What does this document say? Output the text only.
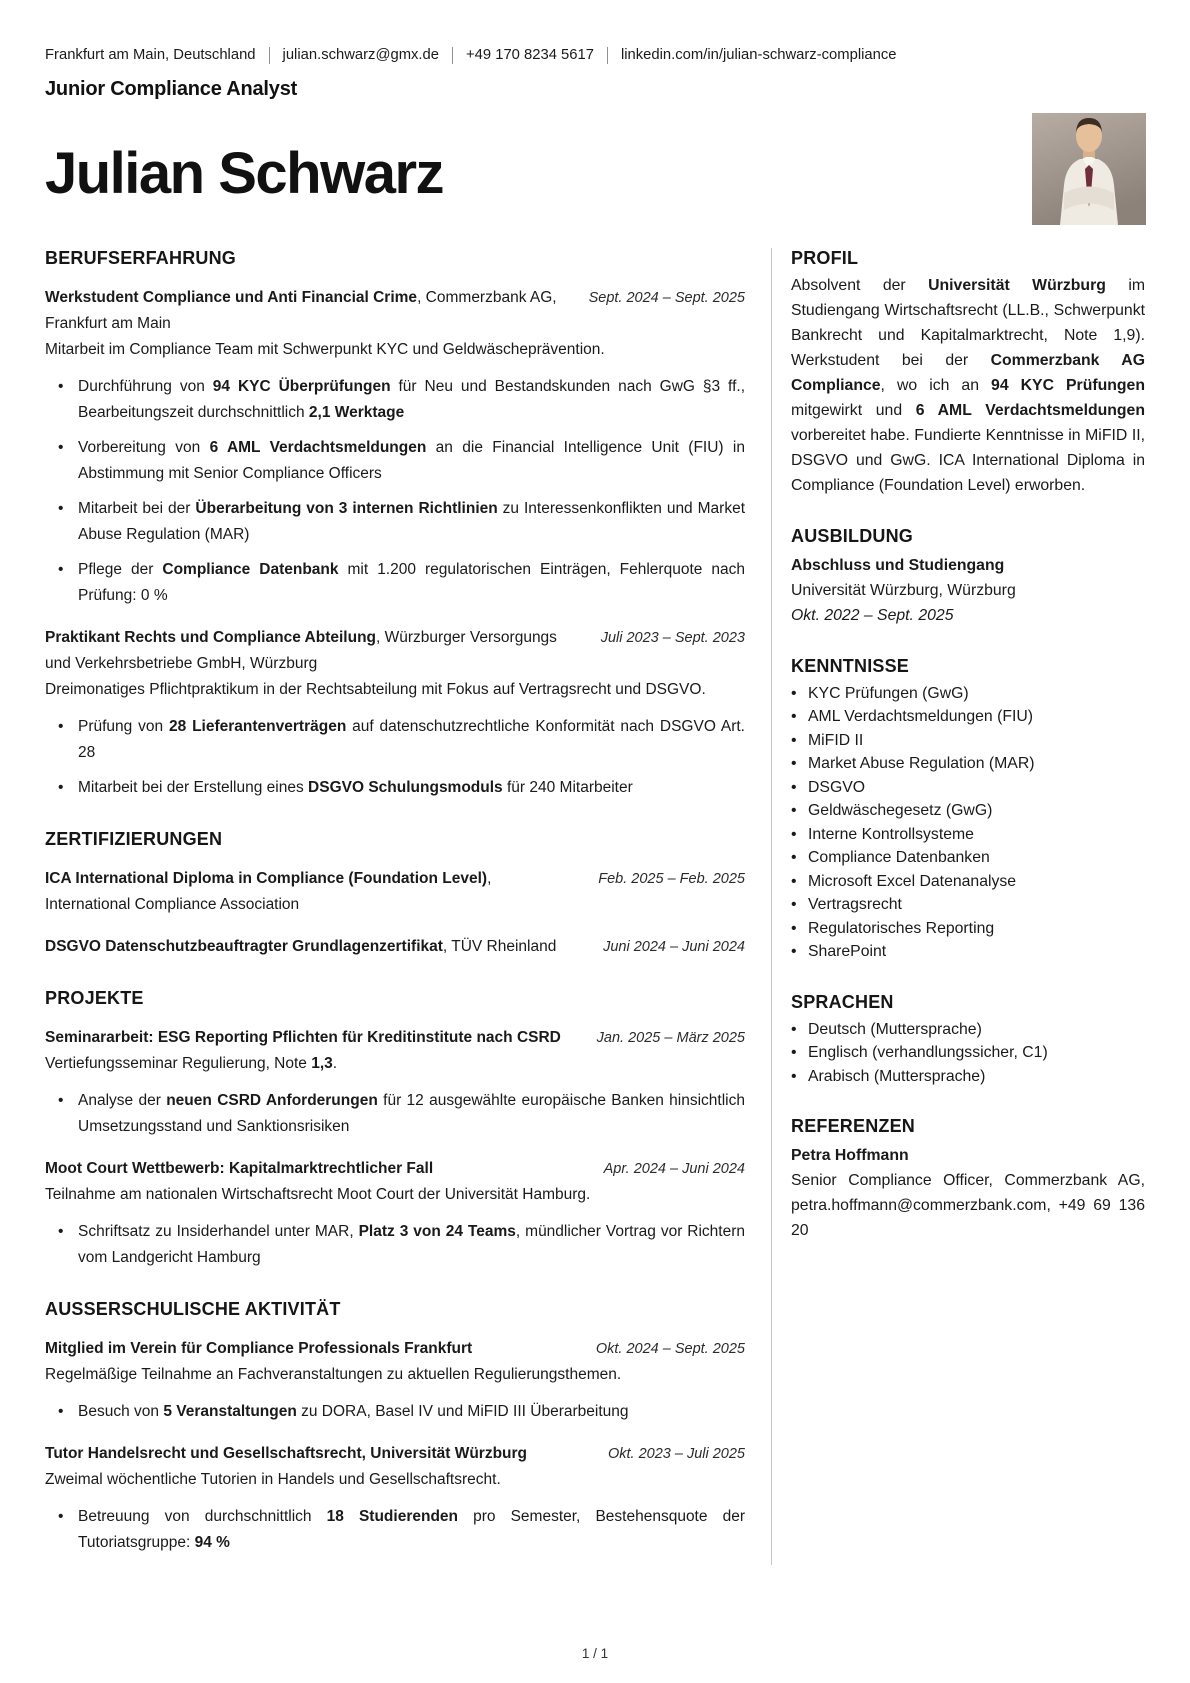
Frankfurt am Main, Deutschland julian.schwarz@gmx.de +49 170 8234 5617 linkedin.com/in/julian-schwarz-compliance
Junior Compliance Analyst
Julian Schwarz
BERUFSERFAHRUNG
Sept. 2024 – Sept. 2025
Werkstudent Compliance und Anti Financial Crime, Commerzbank AG, Frankfurt am Main
Mitarbeit im Compliance Team mit Schwerpunkt KYC und Geldwäscheprävention.
• Durchführung von 94 KYC Überprüfungen für Neu und Bestandskunden nach GwG §3 ff., Bearbeitungszeit durchschnittlich 2,1 Werktage
• Vorbereitung von 6 AML Verdachtsmeldungen an die Financial Intelligence Unit (FIU) in Abstimmung mit Senior Compliance Officers
• Mitarbeit bei der Überarbeitung von 3 internen Richtlinien zu Interessenkonflikten und Market Abuse Regulation (MAR)
• Pflege der Compliance Datenbank mit 1.200 regulatorischen Einträgen, Fehlerquote nach Prüfung: 0 %
Juli 2023 – Sept. 2023
Praktikant Rechts und Compliance Abteilung, Würzburger Versorgungs und Verkehrsbetriebe GmbH, Würzburg
Dreimonatiges Pflichtpraktikum in der Rechtsabteilung mit Fokus auf Vertragsrecht und DSGVO.
• Prüfung von 28 Lieferantenverträgen auf datenschutzrechtliche Konformität nach DSGVO Art. 28
• Mitarbeit bei der Erstellung eines DSGVO Schulungsmoduls für 240 Mitarbeiter
ZERTIFIZIERUNGEN
Feb. 2025 – Feb. 2025
ICA International Diploma in Compliance (Foundation Level), International Compliance Association
Juni 2024 – Juni 2024
DSGVO Datenschutzbeauftragter Grundlagenzertifikat, TÜV Rheinland
PROJEKTE
Jan. 2025 – März 2025
Seminararbeit: ESG Reporting Pflichten für Kreditinstitute nach CSRD
Vertiefungsseminar Regulierung, Note 1,3.
• Analyse der neuen CSRD Anforderungen für 12 ausgewählte europäische Banken hinsichtlich Umsetzungsstand und Sanktionsrisiken
Apr. 2024 – Juni 2024
Moot Court Wettbewerb: Kapitalmarktrechtlicher Fall
Teilnahme am nationalen Wirtschaftsrecht Moot Court der Universität Hamburg.
• Schriftsatz zu Insiderhandel unter MAR, Platz 3 von 24 Teams, mündlicher Vortrag vor Richtern vom Landgericht Hamburg
AUSSERSCHULISCHE AKTIVITÄT
Okt. 2024 – Sept. 2025
Mitglied im Verein für Compliance Professionals Frankfurt
Regelmäßige Teilnahme an Fachveranstaltungen zu aktuellen Regulierungsthemen.
• Besuch von 5 Veranstaltungen zu DORA, Basel IV und MiFID III Überarbeitung
Okt. 2023 – Juli 2025
Tutor Handelsrecht und Gesellschaftsrecht, Universität Würzburg
Zweimal wöchentliche Tutorien in Handels und Gesellschaftsrecht.
• Betreuung von durchschnittlich 18 Studierenden pro Semester, Bestehensquote der Tutoriatsgruppe: 94 %
PROFIL
Absolvent der Universität Würzburg im Studiengang Wirtschaftsrecht (LL.B., Schwerpunkt Bankrecht und Kapitalmarktrecht, Note 1,9). Werkstudent bei der Commerzbank AG Compliance, wo ich an 94 KYC Prüfungen mitgewirkt und 6 AML Verdachtsmeldungen vorbereitet habe. Fundierte Kenntnisse in MiFID II, DSGVO und GwG. ICA International Diploma in Compliance (Foundation Level) erworben.
AUSBILDUNG
Abschluss und Studiengang
Universität Würzburg, Würzburg
Okt. 2022 – Sept. 2025
KENNTNISSE
• KYC Prüfungen (GwG)
• AML Verdachtsmeldungen (FIU)
• MiFID II
• Market Abuse Regulation (MAR)
• DSGVO
• Geldwäschegesetz (GwG)
• Interne Kontrollsysteme
• Compliance Datenbanken
• Microsoft Excel Datenanalyse
• Vertragsrecht
• Regulatorisches Reporting
• SharePoint
SPRACHEN
• Deutsch (Muttersprache)
• Englisch (verhandlungssicher, C1)
• Arabisch (Muttersprache)
REFERENZEN
Petra Hoffmann
Senior Compliance Officer, Commerzbank AG, petra.hoffmann@commerzbank.com, +49 69 136 20
1 / 1
